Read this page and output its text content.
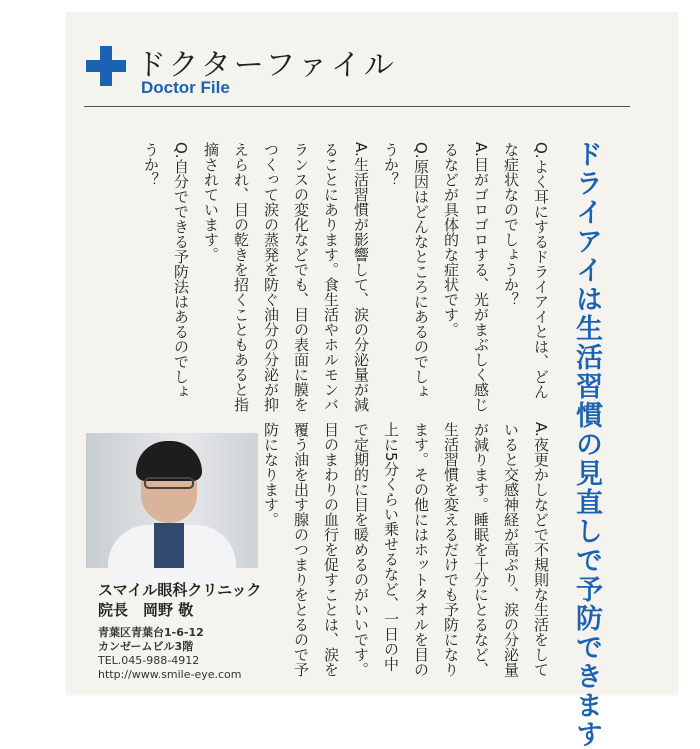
ドクターファイル
Doctor File
ドライアイは生活習慣の見直しで予防できます

Q.よく耳にするドライアイとは、どんな症状なのでしょうか？

A.目がゴロゴロする、光がまぶしく感じるなどが具体的な症状です。

Q.原因はどんなところにあるのでしょうか？

A.生活習慣が影響して、涙の分泌量が減ることにあります。食生活やホルモンバランスの変化などでも、目の表面に膜をつくって涙の蒸発を防ぐ油分の分泌が抑えられ、目の乾きを招くこともあると指摘されています。

Q.自分でできる予防法はあるのでしょうか？

A.夜更かしなどで不規則な生活をしていると交感神経が高ぶり、涙の分泌量が減ります。睡眠を十分にとるなど、生活習慣を変えるだけでも予防になります。その他にはホットタオルを目の上に5分くらい乗せるなど、一日の中で定期的に目を暖めるのがいいです。目のまわりの血行を促すことは、涙を覆う油を出す腺のつまりをとるので予防になります。

スマイル眼科クリニック
院長　岡野 敬
青葉区青葉台1-6-12
カンゼームビル3階
TEL.045-988-4912
http://www.smile-eye.com
